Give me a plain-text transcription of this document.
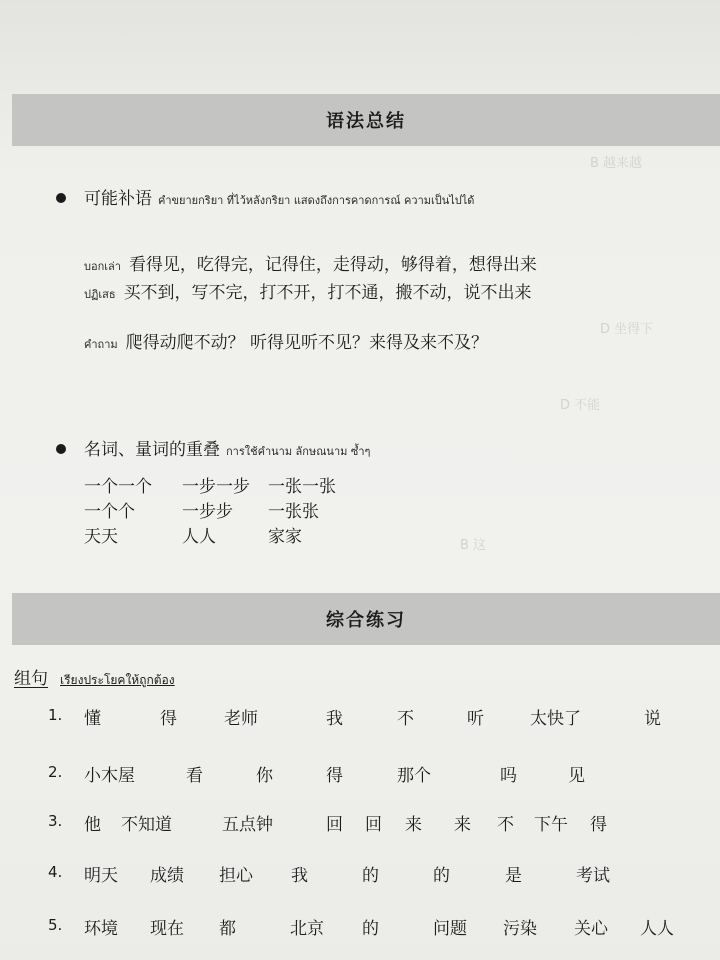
B 越来越
D 坐得下
D 不能
B 这
语法总结
可能补语 คำขยายกริยา ที่ไว้หลังกริยา แสดงถึงการคาดการณ์ ความเป็นไปได้
บอกเล่า 看得见，吃得完，记得住，走得动，够得着，想得出来
ปฏิเสธ 买不到，写不完，打不开，打不通，搬不动，说不出来
คำถาม 爬得动爬不动？ 听得见听不见？来得及来不及？
名词、量词的重叠 การใช้คำนาม ลักษณนาม ซ้ำๆ
一个一个 一步一步 一张一张
一个个	一步步 一张张
天天	人人	家家
综合练习
组句 เรียงประโยคให้ถูกต้อง
1. 懂	得	老师	我	不	听	太快了	说
2. 小木屋	看	你	得	那个	吗	见
3. 他 不知道	五点钟	回 回 来 来 不 下午 得
4. 明天 成绩 担心 我	的	的	是	考试
5. 环境 现在 都	北京 的	问题 污染 关心 人人
